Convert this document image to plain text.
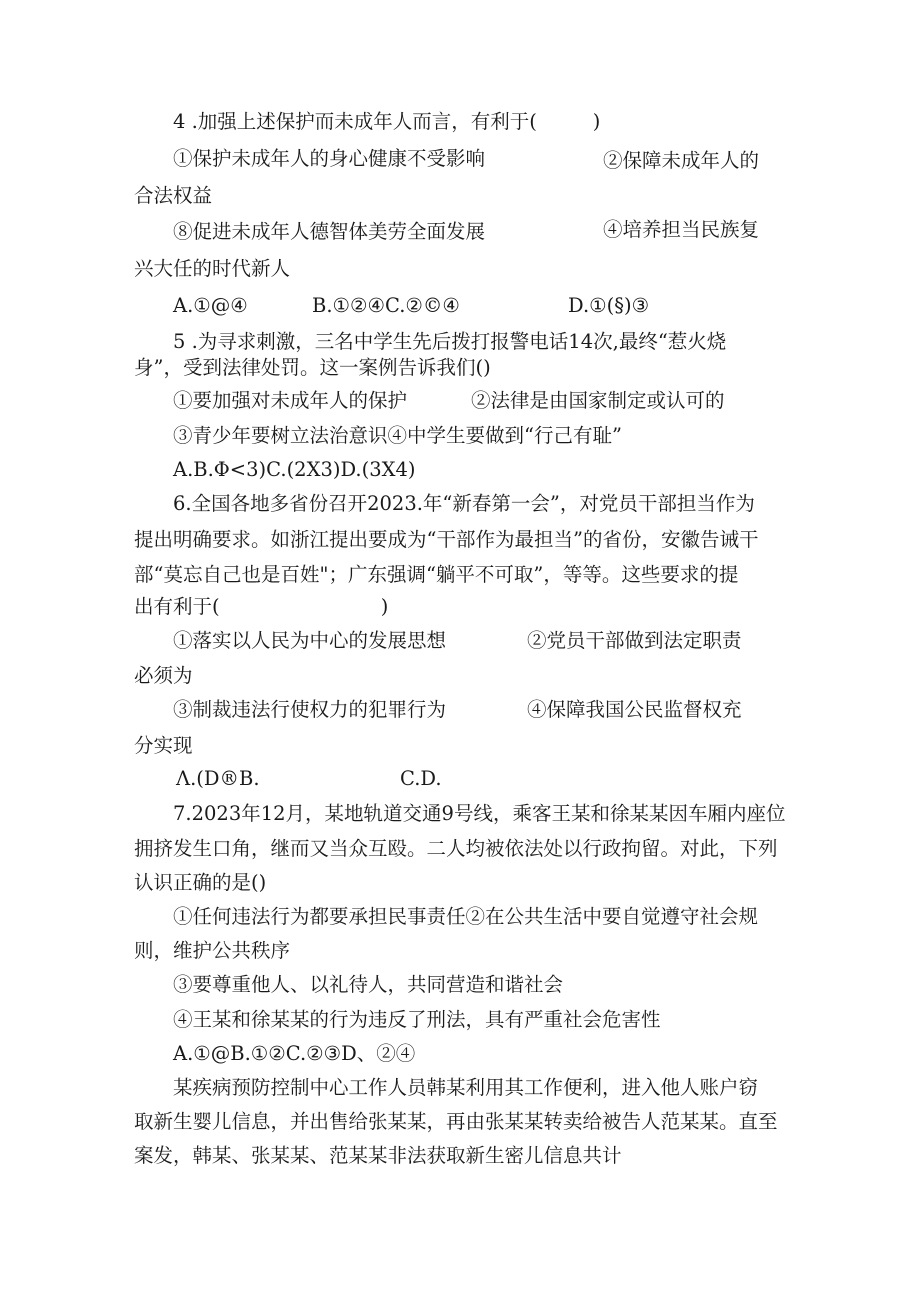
4 .加强上述保护而未成年人而言，有利于(         )
①保护未成年人的身心健康不受影响	②保障未成年人的
合法权益
⑧促进未成年人德智体美劳全面发展	④培养担当民族复
兴大任的时代新人
A.①@④	B.①②④C.②©④	D.①(§)③
5 .为寻求刺激，三名中学生先后拨打报警电话14次,最终“惹火烧
身”，受到法律处罚。这一案例告诉我们()
①要加强对未成年人的保护	②法律是由国家制定或认可的
③青少年要树立法治意识④中学生要做到“行己有耻”
A.B.Φ<3)C.(2X3)D.(3X4)
6.全国各地多省份召开2023.年“新春第一会”，对党员干部担当作为
提出明确要求。如浙江提出要成为“干部作为最担当”的省份，安徽告诫干
部“莫忘自己也是百姓"；广东强调“躺平不可取”，等等。这些要求的提
出有利于(                          )
①落实以人民为中心的发展思想	②党员干部做到法定职责
必须为
③制裁违法行使权力的犯罪行为	④保障我国公民监督权充
分实现
Λ.(D®B.	C.D.
7.2023年12月，某地轨道交通9号线，乘客王某和徐某某因车厢内座位
拥挤发生口角，继而又当众互殴。二人均被依法处以行政拘留。对此，下列
认识正确的是()
①任何违法行为都要承担民事责任②在公共生活中要自觉遵守社会规
则，维护公共秩序
③要尊重他人、以礼待人，共同营造和谐社会
④王某和徐某某的行为违反了刑法，具有严重社会危害性
A.①@B.①②C.②③D、②④
某疾病预防控制中心工作人员韩某利用其工作便利，进入他人账户窃
取新生婴儿信息，并出售给张某某，再由张某某转卖给被告人范某某。直至
案发，韩某、张某某、范某某非法获取新生密儿信息共计
